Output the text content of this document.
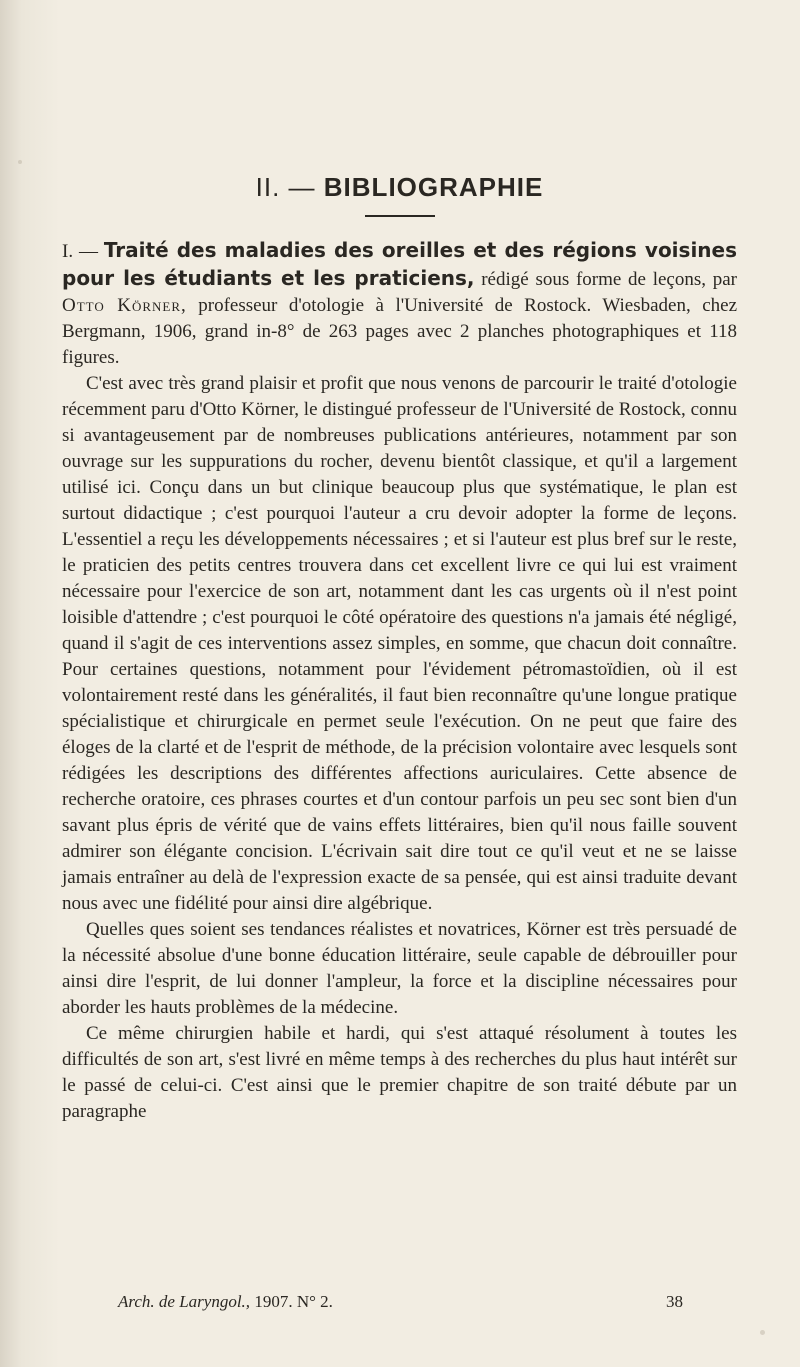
II. — BIBLIOGRAPHIE

I. — Traité des maladies des oreilles et des régions voisines pour les étudiants et les praticiens, rédigé sous forme de leçons, par Otto Körner, professeur d'otologie à l'Université de Rostock. Wiesbaden, chez Bergmann, 1906, grand in-8° de 263 pages avec 2 planches photographiques et 118 figures.

C'est avec très grand plaisir et profit que nous venons de parcourir le traité d'otologie récemment paru d'Otto Körner, le distingué professeur de l'Université de Rostock, connu si avantageusement par de nombreuses publications antérieures, notamment par son ouvrage sur les suppurations du rocher, devenu bientôt classique, et qu'il a largement utilisé ici. Conçu dans un but clinique beaucoup plus que systématique, le plan est surtout didactique ; c'est pourquoi l'auteur a cru devoir adopter la forme de leçons. L'essentiel a reçu les développements nécessaires ; et si l'auteur est plus bref sur le reste, le praticien des petits centres trouvera dans cet excellent livre ce qui lui est vraiment nécessaire pour l'exercice de son art, notamment dant les cas urgents où il n'est point loisible d'attendre ; c'est pourquoi le côté opératoire des questions n'a jamais été négligé, quand il s'agit de ces interventions assez simples, en somme, que chacun doit connaître. Pour certaines questions, notamment pour l'évidement pétromastoïdien, où il est volontairement resté dans les généralités, il faut bien reconnaître qu'une longue pratique spécialistique et chirurgicale en permet seule l'exécution. On ne peut que faire des éloges de la clarté et de l'esprit de méthode, de la précision volontaire avec lesquels sont rédigées les descriptions des différentes affections auriculaires. Cette absence de recherche oratoire, ces phrases courtes et d'un contour parfois un peu sec sont bien d'un savant plus épris de vérité que de vains effets littéraires, bien qu'il nous faille souvent admirer son élégante concision. L'écrivain sait dire tout ce qu'il veut et ne se laisse jamais entraîner au delà de l'expression exacte de sa pensée, qui est ainsi traduite devant nous avec une fidélité pour ainsi dire algébrique.

Quelles ques soient ses tendances réalistes et novatrices, Körner est très persuadé de la nécessité absolue d'une bonne éducation littéraire, seule capable de débrouiller pour ainsi dire l'esprit, de lui donner l'ampleur, la force et la discipline nécessaires pour aborder les hauts problèmes de la médecine.

Ce même chirurgien habile et hardi, qui s'est attaqué résolument à toutes les difficultés de son art, s'est livré en même temps à des recherches du plus haut intérêt sur le passé de celui-ci. C'est ainsi que le premier chapitre de son traité débute par un paragraphe

Arch. de Laryngol., 1907. N° 2.	38
